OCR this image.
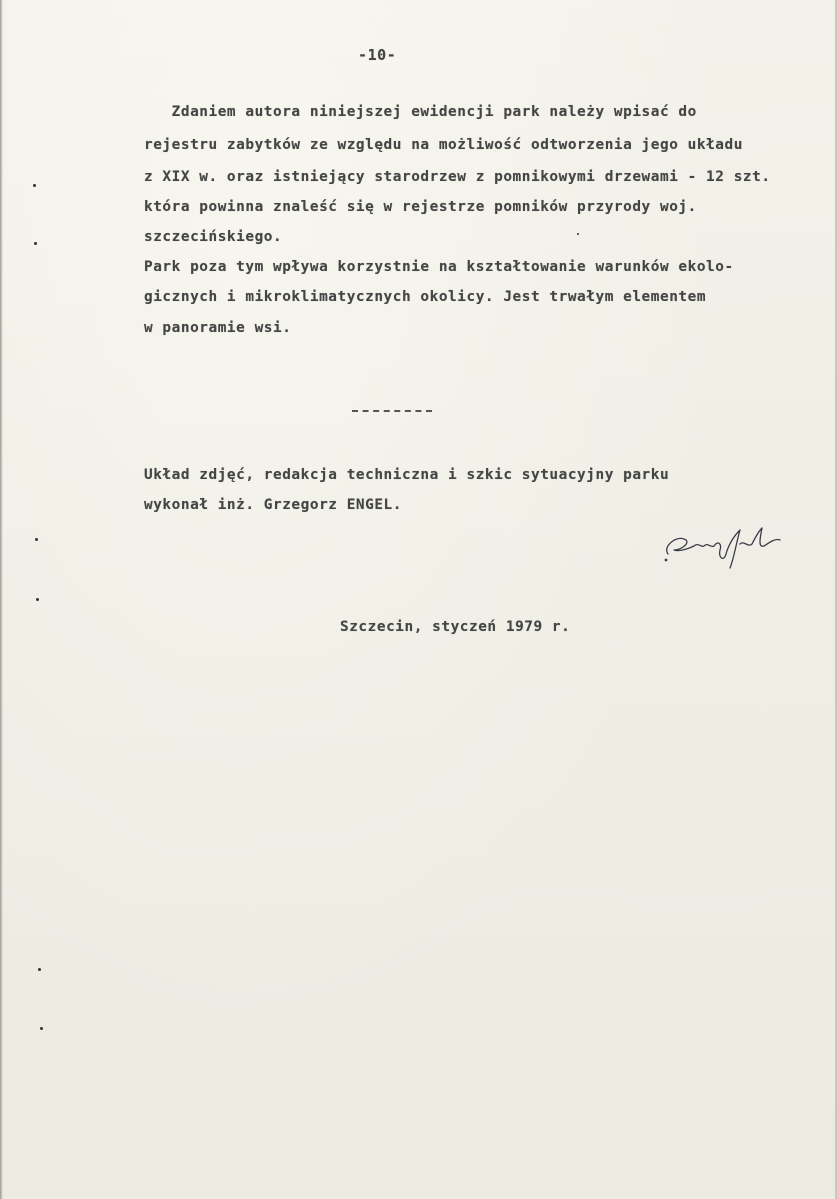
-10-
Zdaniem autora niniejszej ewidencji park należy wpisać do
rejestru zabytków ze względu na możliwość odtworzenia jego układu
z XIX w. oraz istniejący starodrzew z pomnikowymi drzewami - 12 szt.
która powinna znaleść się w rejestrze pomników przyrody woj.
szczecińskiego.
Park poza tym wpływa korzystnie na kształtowanie warunków ekolo-
gicznych i mikroklimatycznych okolicy. Jest trwałym elementem
w panoramie wsi.
Układ zdjęć, redakcja techniczna i szkic sytuacyjny parku
wykonał inż. Grzegorz ENGEL.
Szczecin, styczeń 1979 r.
